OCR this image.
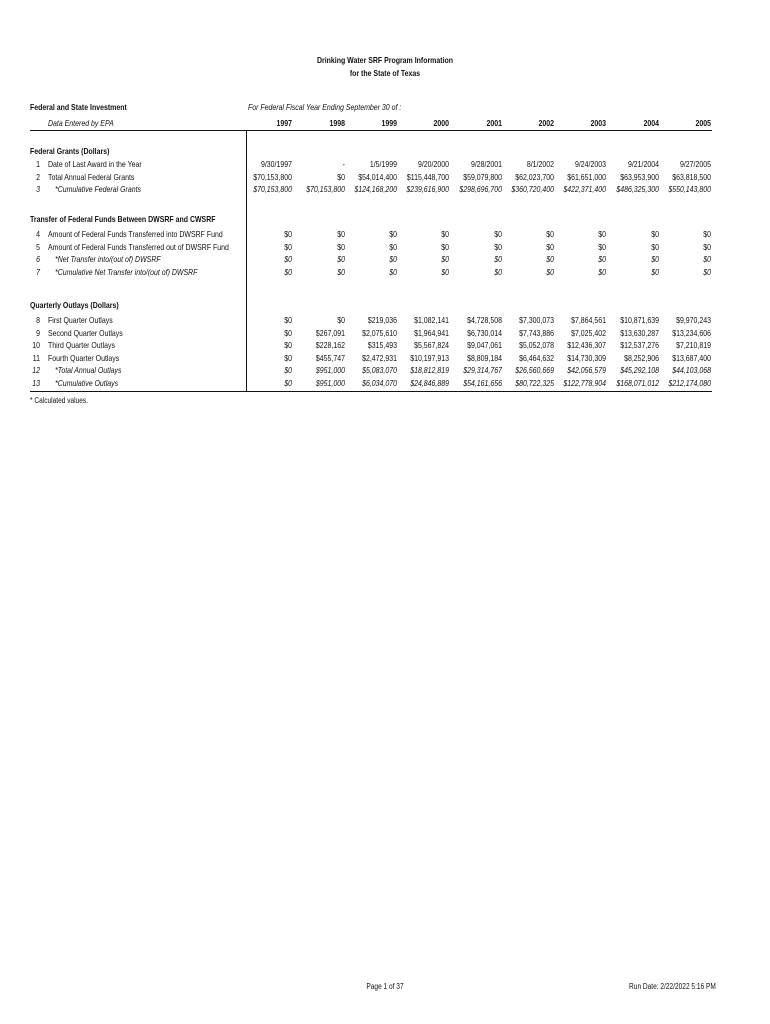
Drinking Water SRF Program Information
for the State of Texas
Federal and State Investment
Data Entered by EPA
For Federal Fiscal Year Ending September 30 of :
1997	1998	1999	2000	2001	2002	2003	2004	2005
Federal Grants (Dollars)
1 Date of Last Award in the Year	9/30/1997	-	1/5/1999	9/20/2000	9/28/2001	8/1/2002	9/24/2003	9/21/2004	9/27/2005
2 Total Annual Federal Grants	$70,153,800	$0	$54,014,400	$115,448,700	$59,079,800	$62,023,700	$61,651,000	$63,953,900	$63,818,500
3 *Cumulative Federal Grants	$70,153,800	$70,153,800	$124,168,200	$239,616,900	$298,696,700	$360,720,400	$422,371,400	$486,325,300	$550,143,800
Transfer of Federal Funds Between DWSRF and CWSRF
4 Amount of Federal Funds Transferred into DWSRF Fund	$0	$0	$0	$0	$0	$0	$0	$0	$0
5 Amount of Federal Funds Transferred out of DWSRF Fund	$0	$0	$0	$0	$0	$0	$0	$0	$0
6 *Net Transfer into/(out of) DWSRF	$0	$0	$0	$0	$0	$0	$0	$0	$0
7 *Cumulative Net Transfer into/(out of) DWSRF	$0	$0	$0	$0	$0	$0	$0	$0	$0
Quarterly Outlays (Dollars)
8 First Quarter Outlays	$0	$0	$219,036	$1,082,141	$4,728,508	$7,300,073	$7,864,561	$10,871,639	$9,970,243
9 Second Quarter Outlays	$0	$267,091	$2,075,610	$1,964,941	$6,730,014	$7,743,886	$7,025,402	$13,630,287	$13,234,606
10 Third Quarter Outlays	$0	$228,162	$315,493	$5,567,824	$9,047,061	$5,052,078	$12,436,307	$12,537,276	$7,210,819
11 Fourth Quarter Outlays	$0	$455,747	$2,472,931	$10,197,913	$8,809,184	$6,464,632	$14,730,309	$8,252,906	$13,687,400
12 *Total Annual Outlays	$0	$951,000	$5,083,070	$18,812,819	$29,314,767	$26,560,669	$42,056,579	$45,292,108	$44,103,068
13 *Cumulative Outlays	$0	$951,000	$6,034,070	$24,846,889	$54,161,656	$80,722,325	$122,778,904	$168,071,012	$212,174,080
* Calculated values.
Page 1 of 37	Run Date: 2/22/2022 5:16 PM
